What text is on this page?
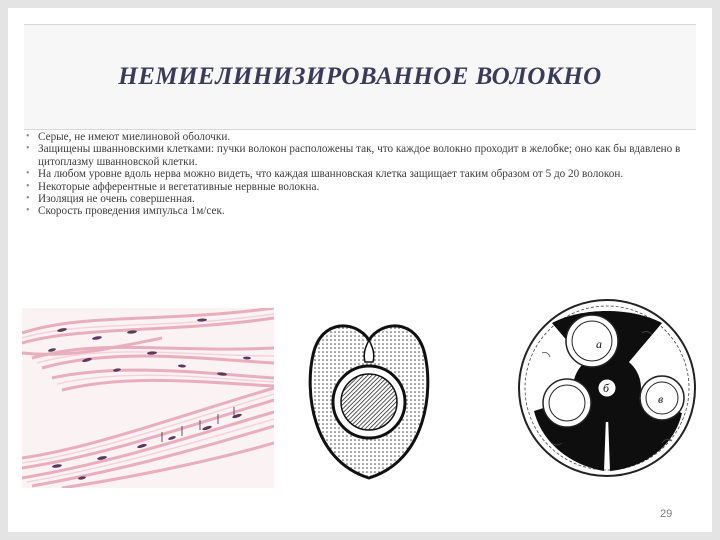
НЕМИЕЛИНИЗИРОВАННОЕ ВОЛОКНО
• Серые, не имеют миелиновой оболочки.
• Защищены шванновскими клетками: пучки волокон расположены так, что каждое волокно проходит в желобке; оно как бы вдавлено в цитоплазму шванновской клетки.
• На любом уровне вдоль нерва можно видеть, что каждая шванновская клетка защищает таким образом от 5 до 20 волокон.
• Некоторые афферентные и вегетативные нервные волокна.
• Изоляция не очень совершенная.
• Скорость проведения импульса 1м/сек.
а
б
в
29
